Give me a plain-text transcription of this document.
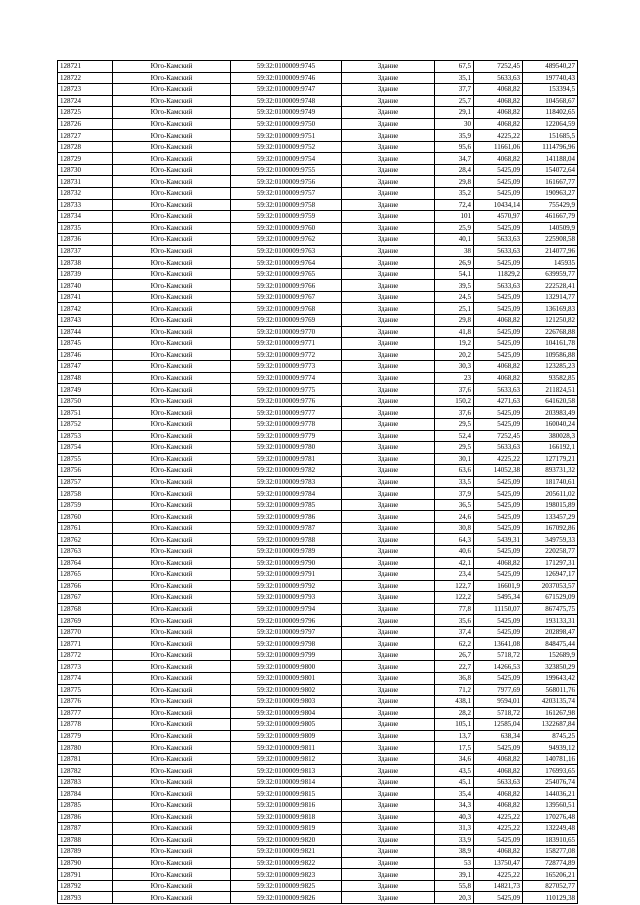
128721	Юго-Камский	59:32:0100009:9745	Здание	67,5	7252,45	489540,27
128722	Юго-Камский	59:32:0100009:9746	Здание	35,1	5633,63	197740,43
128723	Юго-Камский	59:32:0100009:9747	Здание	37,7	4068,82	153394,5
128724	Юго-Камский	59:32:0100009:9748	Здание	25,7	4068,82	104568,67
128725	Юго-Камский	59:32:0100009:9749	Здание	29,1	4068,82	118402,65
128726	Юго-Камский	59:32:0100009:9750	Здание	30	4068,82	122064,59
128727	Юго-Камский	59:32:0100009:9751	Здание	35,9	4225,22	151685,5
128728	Юго-Камский	59:32:0100009:9752	Здание	95,6	11661,06	1114796,96
128729	Юго-Камский	59:32:0100009:9754	Здание	34,7	4068,82	141188,04
128730	Юго-Камский	59:32:0100009:9755	Здание	28,4	5425,09	154072,64
128731	Юго-Камский	59:32:0100009:9756	Здание	29,8	5425,09	161667,77
128732	Юго-Камский	59:32:0100009:9757	Здание	35,2	5425,09	190963,27
128733	Юго-Камский	59:32:0100009:9758	Здание	72,4	10434,14	755429,9
128734	Юго-Камский	59:32:0100009:9759	Здание	101	4570,97	461667,79
128735	Юго-Камский	59:32:0100009:9760	Здание	25,9	5425,09	140509,9
128736	Юго-Камский	59:32:0100009:9762	Здание	40,1	5633,63	225908,58
128737	Юго-Камский	59:32:0100009:9763	Здание	38	5633,63	214077,96
128738	Юго-Камский	59:32:0100009:9764	Здание	26,9	5425,09	145935
128739	Юго-Камский	59:32:0100009:9765	Здание	54,1	11829,2	639959,77
128740	Юго-Камский	59:32:0100009:9766	Здание	39,5	5633,63	222528,41
128741	Юго-Камский	59:32:0100009:9767	Здание	24,5	5425,09	132914,77
128742	Юго-Камский	59:32:0100009:9768	Здание	25,1	5425,09	136169,83
128743	Юго-Камский	59:32:0100009:9769	Здание	29,8	4068,82	121250,82
128744	Юго-Камский	59:32:0100009:9770	Здание	41,8	5425,09	226768,88
128745	Юго-Камский	59:32:0100009:9771	Здание	19,2	5425,09	104161,78
128746	Юго-Камский	59:32:0100009:9772	Здание	20,2	5425,09	109586,88
128747	Юго-Камский	59:32:0100009:9773	Здание	30,3	4068,82	123285,23
128748	Юго-Камский	59:32:0100009:9774	Здание	23	4068,82	93582,85
128749	Юго-Камский	59:32:0100009:9775	Здание	37,6	5633,63	211824,51
128750	Юго-Камский	59:32:0100009:9776	Здание	150,2	4271,63	641620,58
128751	Юго-Камский	59:32:0100009:9777	Здание	37,6	5425,09	203983,49
128752	Юго-Камский	59:32:0100009:9778	Здание	29,5	5425,09	160040,24
128753	Юго-Камский	59:32:0100009:9779	Здание	52,4	7252,45	380028,3
128754	Юго-Камский	59:32:0100009:9780	Здание	29,5	5633,63	166192,1
128755	Юго-Камский	59:32:0100009:9781	Здание	30,1	4225,22	127179,21
128756	Юго-Камский	59:32:0100009:9782	Здание	63,6	14052,38	893731,32
128757	Юго-Камский	59:32:0100009:9783	Здание	33,5	5425,09	181740,61
128758	Юго-Камский	59:32:0100009:9784	Здание	37,9	5425,09	205611,02
128759	Юго-Камский	59:32:0100009:9785	Здание	36,5	5425,09	198015,89
128760	Юго-Камский	59:32:0100009:9786	Здание	24,6	5425,09	133457,29
128761	Юго-Камский	59:32:0100009:9787	Здание	30,8	5425,09	167092,86
128762	Юго-Камский	59:32:0100009:9788	Здание	64,3	5439,31	349759,33
128763	Юго-Камский	59:32:0100009:9789	Здание	40,6	5425,09	220258,77
128764	Юго-Камский	59:32:0100009:9790	Здание	42,1	4068,82	171297,31
128765	Юго-Камский	59:32:0100009:9791	Здание	23,4	5425,09	126947,17
128766	Юго-Камский	59:32:0100009:9792	Здание	122,7	16601,9	2037053,57
128767	Юго-Камский	59:32:0100009:9793	Здание	122,2	5495,34	671529,09
128768	Юго-Камский	59:32:0100009:9794	Здание	77,8	11150,07	867475,75
128769	Юго-Камский	59:32:0100009:9796	Здание	35,6	5425,09	193133,31
128770	Юго-Камский	59:32:0100009:9797	Здание	37,4	5425,09	202898,47
128771	Юго-Камский	59:32:0100009:9798	Здание	62,2	13641,08	848475,44
128772	Юго-Камский	59:32:0100009:9799	Здание	26,7	5718,72	152689,9
128773	Юго-Камский	59:32:0100009:9800	Здание	22,7	14266,53	323850,29
128774	Юго-Камский	59:32:0100009:9801	Здание	36,8	5425,09	199643,42
128775	Юго-Камский	59:32:0100009:9802	Здание	71,2	7977,69	568011,76
128776	Юго-Камский	59:32:0100009:9803	Здание	438,1	9594,01	4203135,74
128777	Юго-Камский	59:32:0100009:9804	Здание	28,2	5718,72	161267,98
128778	Юго-Камский	59:32:0100009:9805	Здание	105,1	12585,04	1322687,84
128779	Юго-Камский	59:32:0100009:9809	Здание	13,7	638,34	8745,25
128780	Юго-Камский	59:32:0100009:9811	Здание	17,5	5425,09	94939,12
128781	Юго-Камский	59:32:0100009:9812	Здание	34,6	4068,82	140781,16
128782	Юго-Камский	59:32:0100009:9813	Здание	43,5	4068,82	176993,65
128783	Юго-Камский	59:32:0100009:9814	Здание	45,1	5633,63	254076,74
128784	Юго-Камский	59:32:0100009:9815	Здание	35,4	4068,82	144036,21
128785	Юго-Камский	59:32:0100009:9816	Здание	34,3	4068,82	139560,51
128786	Юго-Камский	59:32:0100009:9818	Здание	40,3	4225,22	170276,48
128787	Юго-Камский	59:32:0100009:9819	Здание	31,3	4225,22	132249,48
128788	Юго-Камский	59:32:0100009:9820	Здание	33,9	5425,09	183910,65
128789	Юго-Камский	59:32:0100009:9821	Здание	38,9	4068,82	158277,08
128790	Юго-Камский	59:32:0100009:9822	Здание	53	13750,47	728774,89
128791	Юго-Камский	59:32:0100009:9823	Здание	39,1	4225,22	165206,21
128792	Юго-Камский	59:32:0100009:9825	Здание	55,8	14821,73	827052,77
128793	Юго-Камский	59:32:0100009:9826	Здание	20,3	5425,09	110129,38
